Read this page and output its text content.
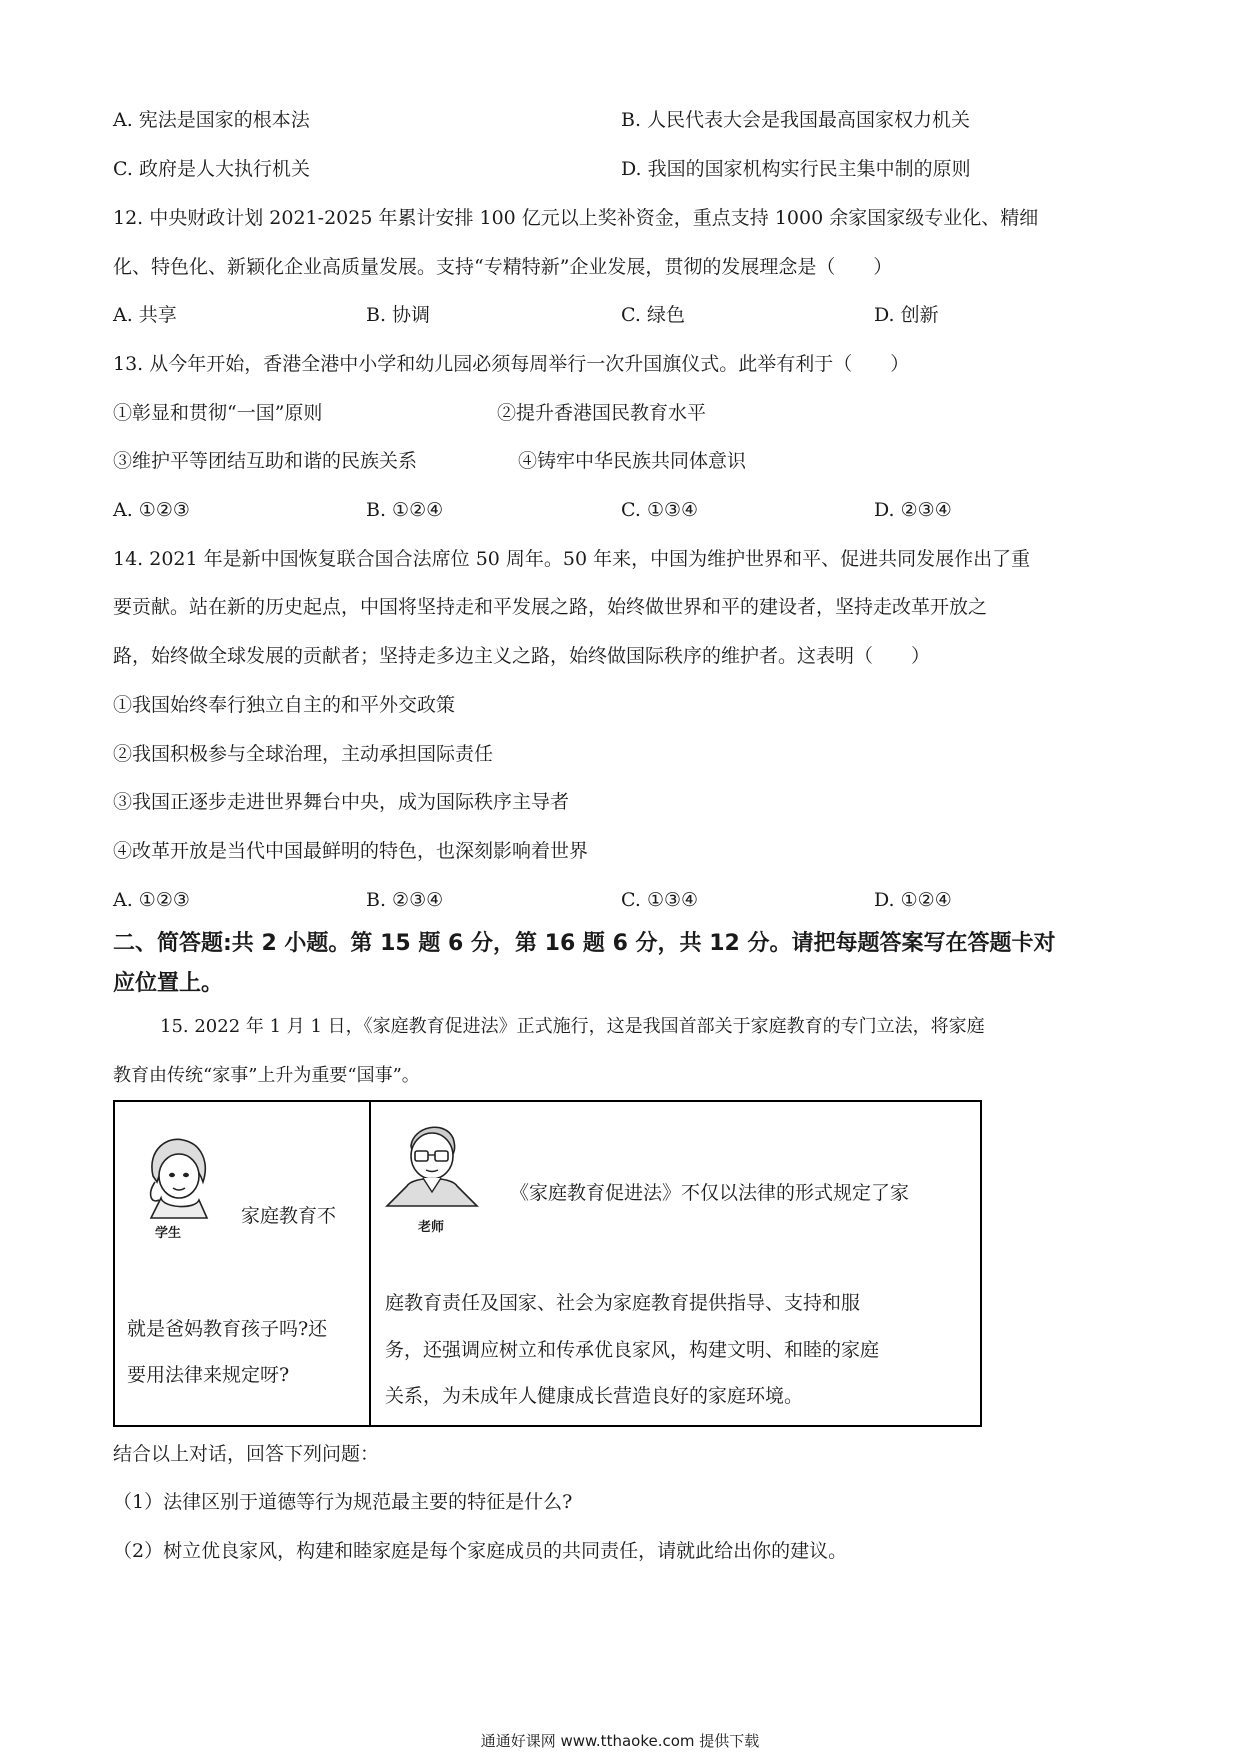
A. 宪法是国家的根本法	B. 人民代表大会是我国最高国家权力机关
C. 政府是人大执行机关	D. 我国的国家机构实行民主集中制的原则
12. 中央财政计划 2021-2025 年累计安排 100 亿元以上奖补资金，重点支持 1000 余家国家级专业化、精细
化、特色化、新颖化企业高质量发展。支持“专精特新”企业发展，贯彻的发展理念是（　　）
A. 共享	B. 协调	C. 绿色	D. 创新
13. 从今年开始，香港全港中小学和幼儿园必须每周举行一次升国旗仪式。此举有利于（　　）
①彰显和贯彻“一国”原则	②提升香港国民教育水平
③维护平等团结互助和谐的民族关系	④铸牢中华民族共同体意识
A. ①②③	B. ①②④	C. ①③④	D. ②③④
14. 2021 年是新中国恢复联合国合法席位 50 周年。50 年来，中国为维护世界和平、促进共同发展作出了重
要贡献。站在新的历史起点，中国将坚持走和平发展之路，始终做世界和平的建设者，坚持走改革开放之
路，始终做全球发展的贡献者；坚持走多边主义之路，始终做国际秩序的维护者。这表明（　　）
①我国始终奉行独立自主的和平外交政策
②我国积极参与全球治理，主动承担国际责任
③我国正逐步走进世界舞台中央，成为国际秩序主导者
④改革开放是当代中国最鲜明的特色，也深刻影响着世界
A. ①②③	B. ②③④	C. ①③④	D. ①②④
二、简答题:共 2 小题。第 15 题 6 分，第 16 题 6 分，共 12 分。请把每题答案写在答题卡对
应位置上。
15. 2022 年 1 月 1 日，《家庭教育促进法》正式施行，这是我国首部关于家庭教育的专门立法，将家庭
教育由传统“家事”上升为重要“国事”。
学生
家庭教育不
就是爸妈教育孩子吗?还
要用法律来规定呀?
老师
《家庭教育促进法》不仅以法律的形式规定了家
庭教育责任及国家、社会为家庭教育提供指导、支持和服
务，还强调应树立和传承优良家风，构建文明、和睦的家庭
关系，为未成年人健康成长营造良好的家庭环境。
结合以上对话，回答下列问题：
（1）法律区别于道德等行为规范最主要的特征是什么?
（2）树立优良家风，构建和睦家庭是每个家庭成员的共同责任，请就此给出你的建议。
通通好课网 www.tthaoke.com 提供下载
